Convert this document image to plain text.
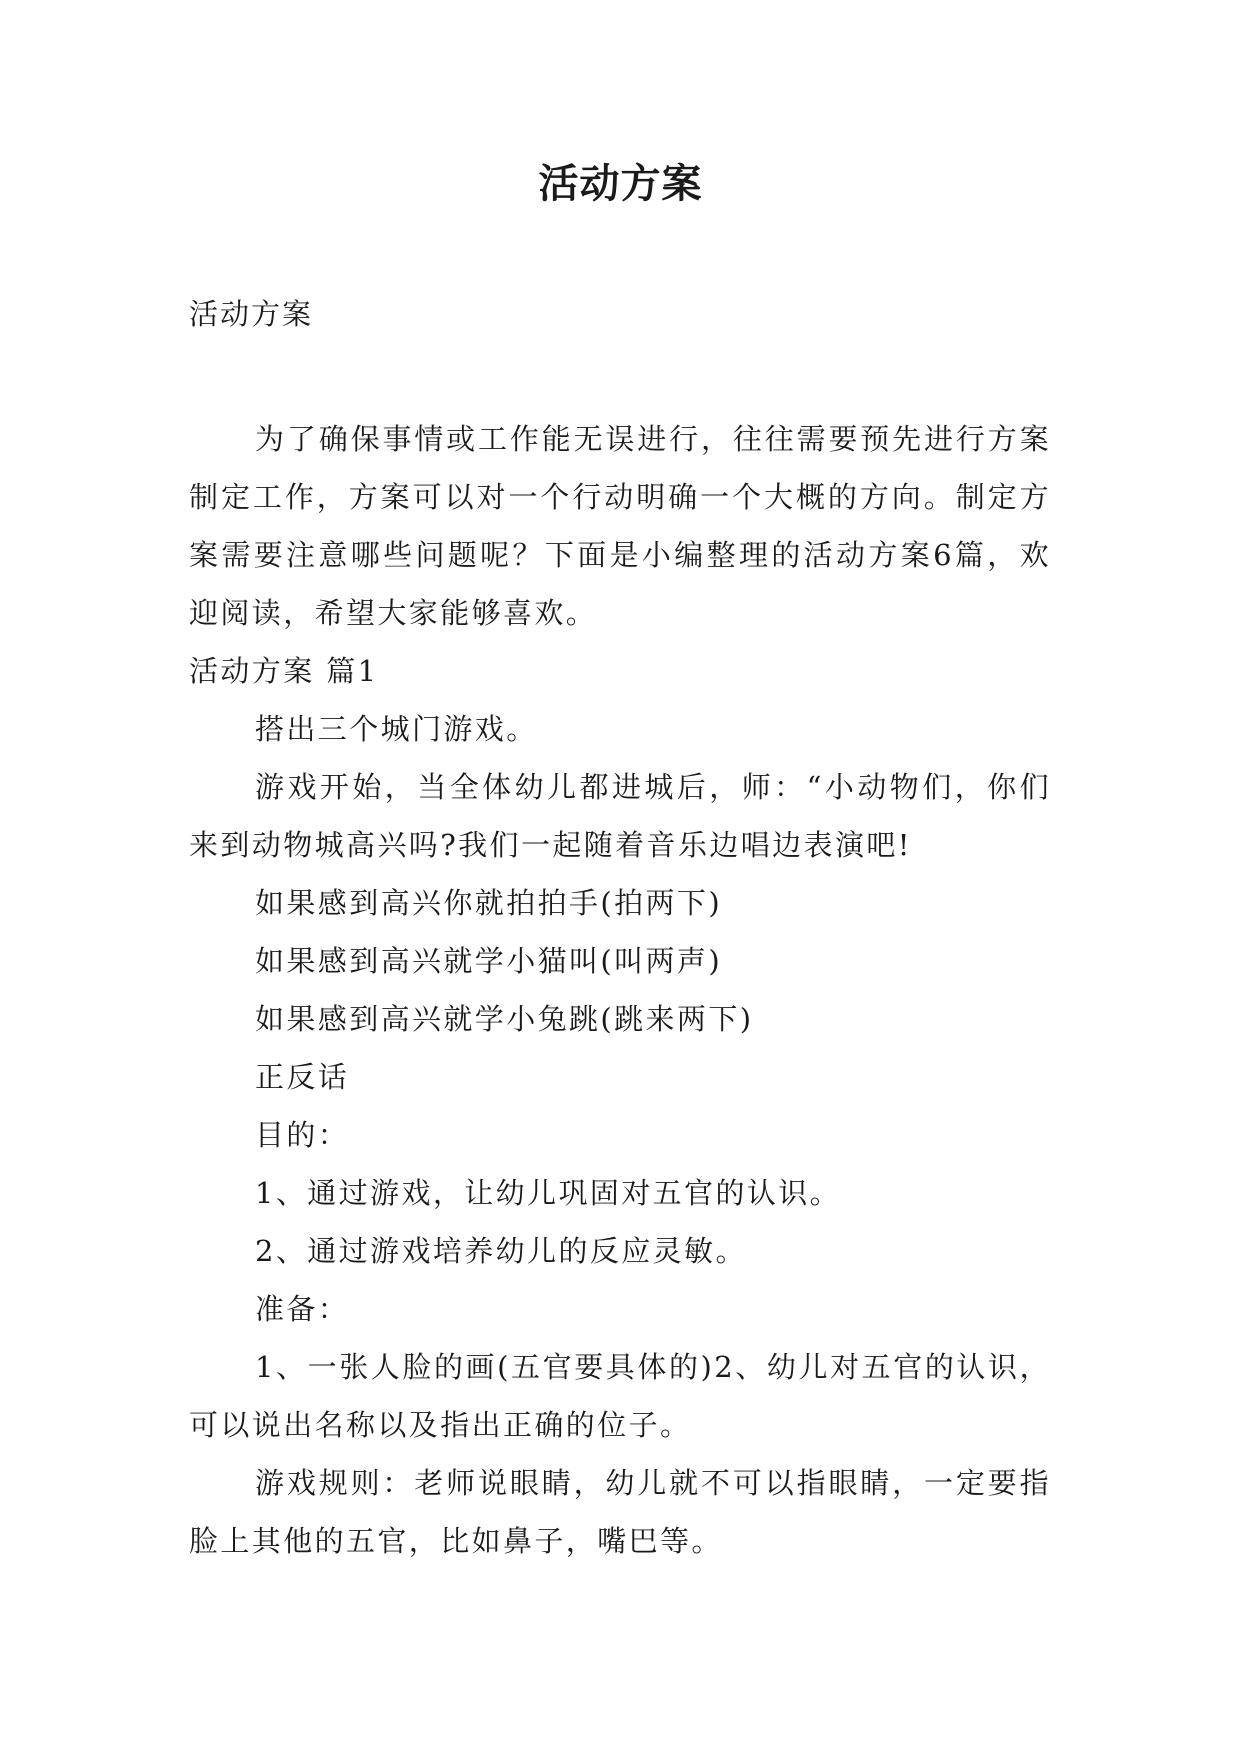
活动方案
活动方案

为了确保事情或工作能无误进行，往往需要预先进行方案制定工作，方案可以对一个行动明确一个大概的方向。制定方案需要注意哪些问题呢？下面是小编整理的活动方案6篇，欢迎阅读，希望大家能够喜欢。

活动方案 篇1

搭出三个城门游戏。

游戏开始，当全体幼儿都进城后，师：“小动物们，你们来到动物城高兴吗?我们一起随着音乐边唱边表演吧!

如果感到高兴你就拍拍手(拍两下)

如果感到高兴就学小猫叫(叫两声)

如果感到高兴就学小兔跳(跳来两下)

正反话

目的：

1、通过游戏，让幼儿巩固对五官的认识。

2、通过游戏培养幼儿的反应灵敏。

准备：

1、一张人脸的画(五官要具体的)2、幼儿对五官的认识，可以说出名称以及指出正确的位子。

游戏规则：老师说眼睛，幼儿就不可以指眼睛，一定要指脸上其他的五官，比如鼻子，嘴巴等。
